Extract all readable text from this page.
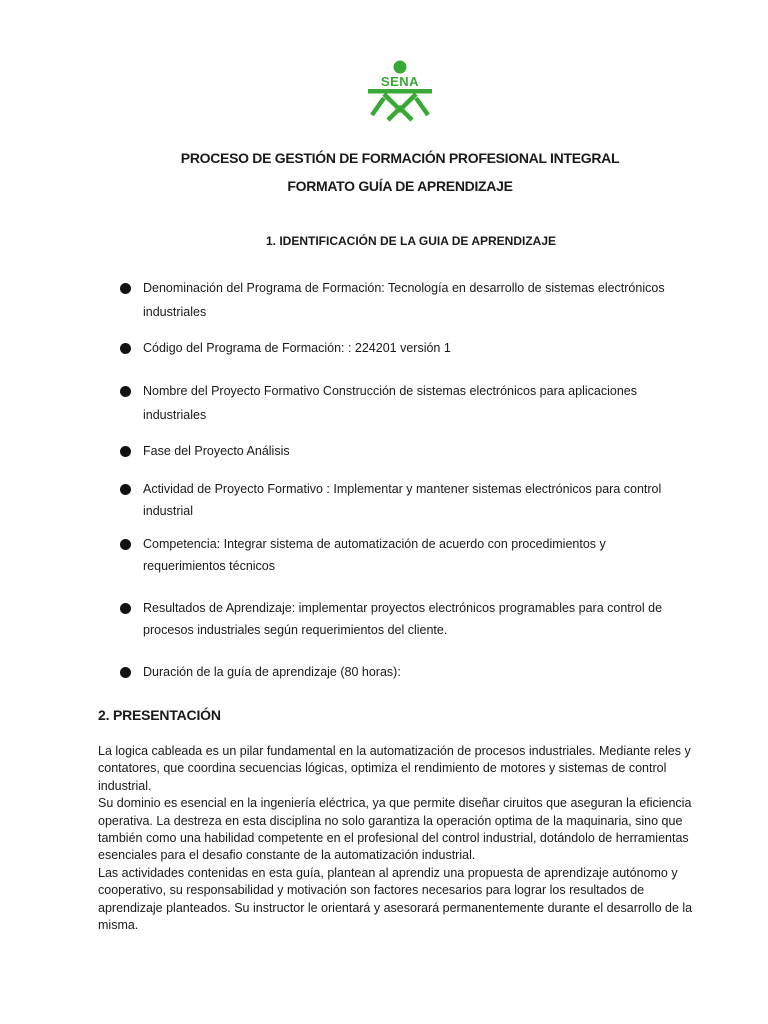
SENA
PROCESO DE GESTIÓN DE FORMACIÓN PROFESIONAL INTEGRAL
FORMATO GUÍA DE APRENDIZAJE
1. IDENTIFICACIÓN DE LA GUIA DE APRENDIZAJE
Denominación del Programa de Formación: Tecnología en desarrollo de sistemas electrónicos industriales
Código del Programa de Formación: : 224201 versión 1
Nombre del Proyecto Formativo Construcción de sistemas electrónicos para aplicaciones industriales
Fase del Proyecto Análisis
Actividad de Proyecto Formativo : Implementar y mantener sistemas electrónicos para control industrial
Competencia: Integrar sistema de automatización de acuerdo con procedimientos y requerimientos técnicos
Resultados de Aprendizaje: implementar proyectos electrónicos programables para control de procesos industriales según requerimientos del cliente.
Duración de la guía de aprendizaje (80 horas):
2. PRESENTACIÓN

La logica cableada es un pilar fundamental en la automatización de procesos industriales. Mediante reles y contatores, que coordina secuencias lógicas, optimiza el rendimiento de motores y sistemas de control industrial.

Su dominio es esencial en la ingeniería eléctrica, ya que permite diseñar ciruitos que aseguran la eficiencia operativa. La destreza en esta disciplina no solo garantiza la operación optima de la maquinaria, sino que también como una habilidad competente en el profesional del control industrial, dotándolo de herramientas esenciales para el desafio constante de la automatización industrial.

Las actividades contenidas en esta guía, plantean al aprendiz una propuesta de aprendizaje autónomo y cooperativo, su responsabilidad y motivación son factores necesarios para lograr los resultados de aprendizaje planteados. Su instructor le orientará y asesorará permanentemente durante el desarrollo de la misma.
